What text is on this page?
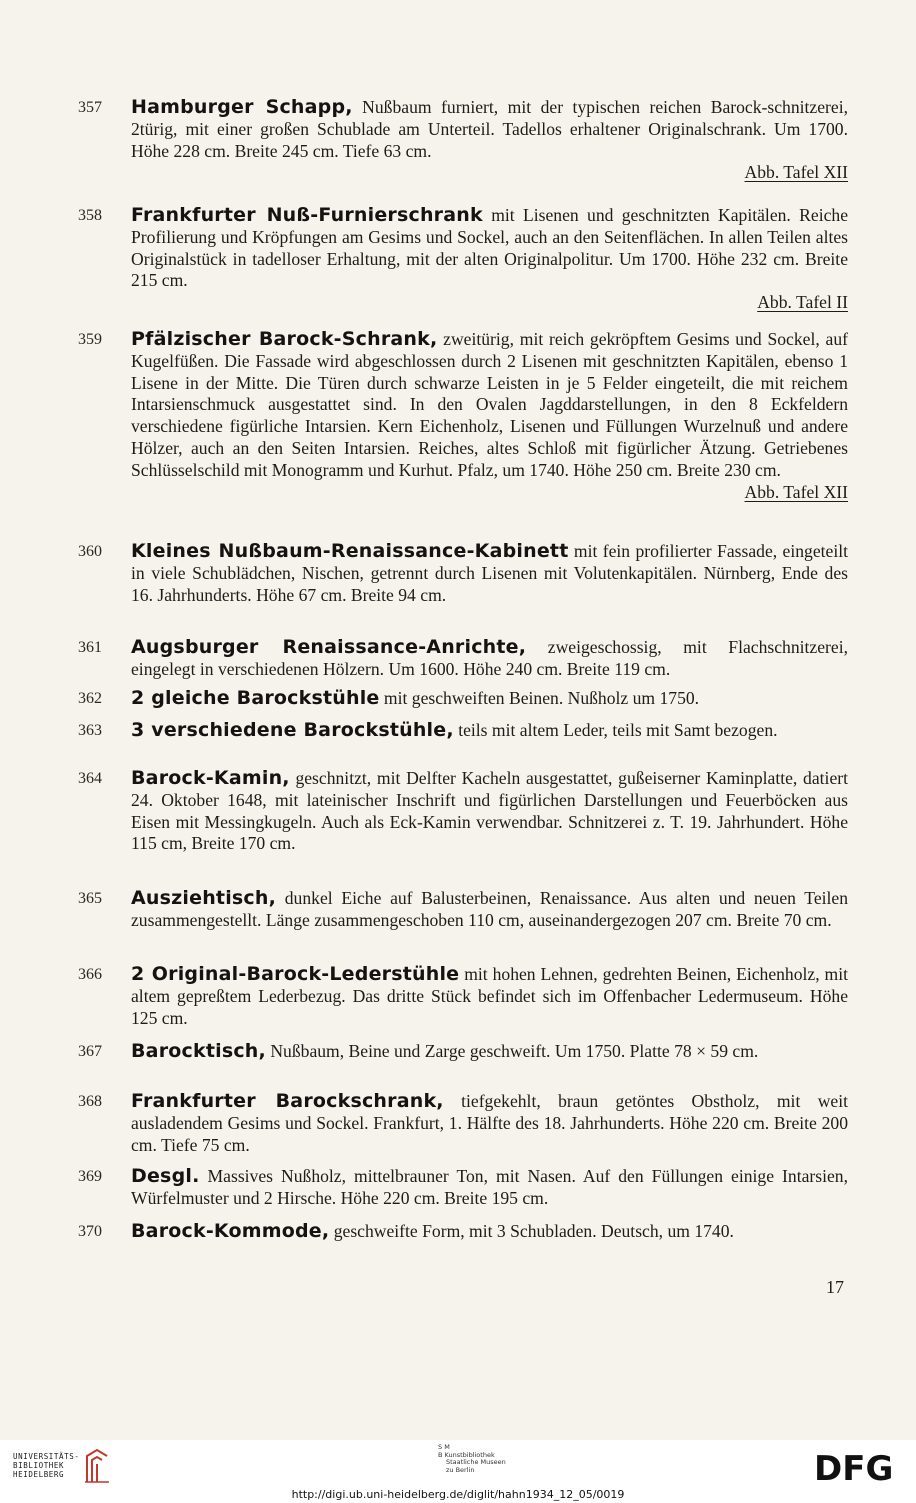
357	Hamburger Schapp, Nußbaum furniert, mit der typischen reichen Barock-schnitzerei, 2türig, mit einer großen Schublade am Unterteil. Tadellos erhaltener Originalschrank. Um 1700. Höhe 228 cm. Breite 245 cm. Tiefe 63 cm.
Abb. Tafel XII
358	Frankfurter Nuß-Furnierschrank mit Lisenen und geschnitzten Kapitälen. Reiche Profilierung und Kröpfungen am Gesims und Sockel, auch an den Seitenflächen. In allen Teilen altes Originalstück in tadelloser Erhaltung, mit der alten Originalpolitur. Um 1700. Höhe 232 cm. Breite 215 cm.
Abb. Tafel II
359	Pfälzischer Barock-Schrank, zweitürig, mit reich gekröpftem Gesims und Sockel, auf Kugelfüßen. Die Fassade wird abgeschlossen durch 2 Lisenen mit geschnitzten Kapitälen, ebenso 1 Lisene in der Mitte. Die Türen durch schwarze Leisten in je 5 Felder eingeteilt, die mit reichem Intarsienschmuck ausgestattet sind. In den Ovalen Jagddarstellungen, in den 8 Eckfeldern verschiedene figürliche Intarsien. Kern Eichenholz, Lisenen und Füllungen Wurzelnuß und andere Hölzer, auch an den Seiten Intarsien. Reiches, altes Schloß mit figürlicher Ätzung. Getriebenes Schlüsselschild mit Monogramm und Kurhut. Pfalz, um 1740. Höhe 250 cm. Breite 230 cm.
Abb. Tafel XII
360	Kleines Nußbaum-Renaissance-Kabinett mit fein profilierter Fassade, eingeteilt in viele Schublädchen, Nischen, getrennt durch Lisenen mit Volutenkapitälen. Nürnberg, Ende des 16. Jahrhunderts. Höhe 67 cm. Breite 94 cm.
361	Augsburger Renaissance-Anrichte, zweigeschossig, mit Flachschnitzerei, eingelegt in verschiedenen Hölzern. Um 1600. Höhe 240 cm. Breite 119 cm.
362	2 gleiche Barockstühle mit geschweiften Beinen. Nußholz um 1750.
363	3 verschiedene Barockstühle, teils mit altem Leder, teils mit Samt bezogen.
364	Barock-Kamin, geschnitzt, mit Delfter Kacheln ausgestattet, gußeiserner Kaminplatte, datiert 24. Oktober 1648, mit lateinischer Inschrift und figürlichen Darstellungen und Feuerböcken aus Eisen mit Messingkugeln. Auch als Eck-Kamin verwendbar. Schnitzerei z. T. 19. Jahrhundert. Höhe 115 cm, Breite 170 cm.
365	Ausziehtisch, dunkel Eiche auf Balusterbeinen, Renaissance. Aus alten und neuen Teilen zusammengestellt. Länge zusammengeschoben 110 cm, auseinandergezogen 207 cm. Breite 70 cm.
366	2 Original-Barock-Lederstühle mit hohen Lehnen, gedrehten Beinen, Eichenholz, mit altem gepreßtem Lederbezug. Das dritte Stück befindet sich im Offenbacher Ledermuseum. Höhe 125 cm.
367	Barocktisch, Nußbaum, Beine und Zarge geschweift. Um 1750. Platte 78 × 59 cm.
368	Frankfurter Barockschrank, tiefgekehlt, braun getöntes Obstholz, mit weit ausladendem Gesims und Sockel. Frankfurt, 1. Hälfte des 18. Jahrhunderts. Höhe 220 cm. Breite 200 cm. Tiefe 75 cm.
369	Desgl. Massives Nußholz, mittelbrauner Ton, mit Nasen. Auf den Füllungen einige Intarsien, Würfelmuster und 2 Hirsche. Höhe 220 cm. Breite 195 cm.
370	Barock-Kommode, geschweifte Form, mit 3 Schubladen. Deutsch, um 1740.
17
UNIVERSITÄTS-
BIBLIOTHEK
HEIDELBERG
S M
B Kunstbibliothek
Staatliche Museen
zu Berlin	DFG
http://digi.ub.uni-heidelberg.de/diglit/hahn1934_12_05/0019
